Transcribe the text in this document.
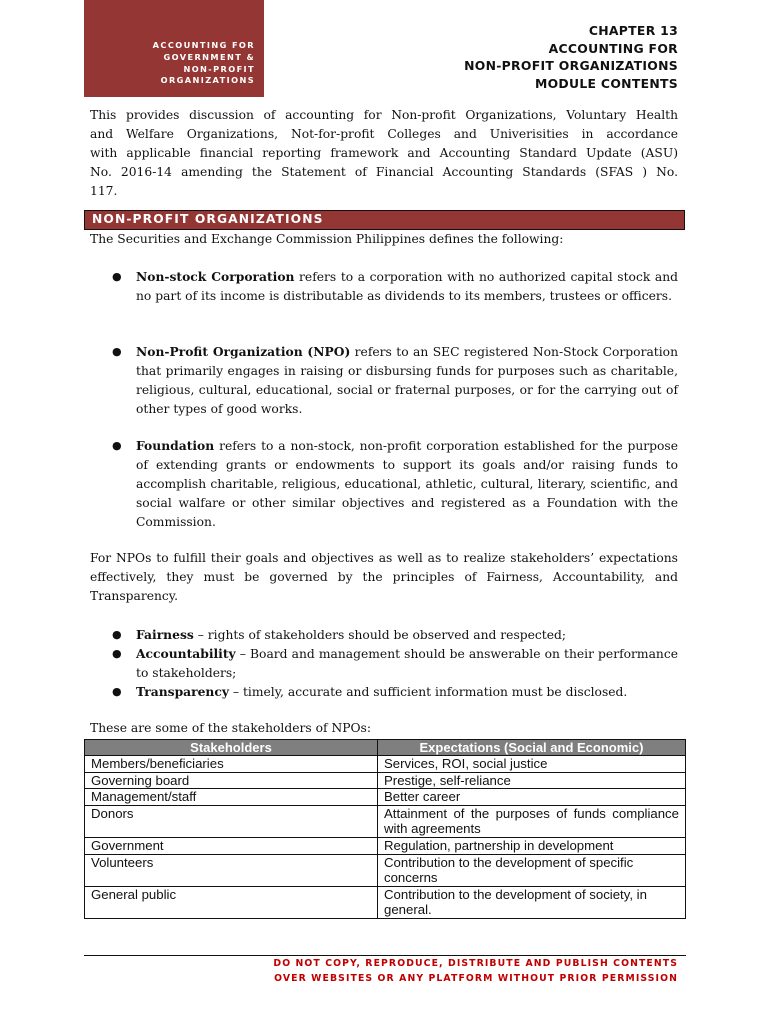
ACCOUNTING FOR
GOVERNMENT &
NON-PROFIT
ORGANIZATIONS
CHAPTER 13
ACCOUNTING FOR
NON-PROFIT ORGANIZATIONS
MODULE CONTENTS
This provides discussion of accounting for Non-profit Organizations, Voluntary Health
and Welfare Organizations, Not-for-profit Colleges and Univerisities in accordance
with applicable financial reporting framework and Accounting Standard Update (ASU)
No. 2016-14 amending the Statement of Financial Accounting Standards (SFAS ) No.
117.
NON-PROFIT ORGANIZATIONS
The Securities and Exchange Commission Philippines defines the following:
● Non-stock Corporation refers to a corporation with no authorized capital stock and no part of its income is distributable as dividends to its members, trustees or officers.
● Non-Profit Organization (NPO) refers to an SEC registered Non-Stock Corporation that primarily engages in raising or disbursing funds for purposes such as charitable, religious, cultural, educational, social or fraternal purposes, or for the carrying out of other types of good works.
● Foundation refers to a non-stock, non-profit corporation established for the purpose of extending grants or endowments to support its goals and/or raising funds to accomplish charitable, religious, educational, athletic, cultural, literary, scientific, and social walfare or other similar objectives and registered as a Foundation with the Commission.
For NPOs to fulfill their goals and objectives as well as to realize stakeholders’ expectations effectively, they must be governed by the principles of Fairness, Accountability, and Transparency.
● Fairness – rights of stakeholders should be observed and respected;
● Accountability – Board and management should be answerable on their performance to stakeholders;
● Transparency – timely, accurate and sufficient information must be disclosed.
These are some of the stakeholders of NPOs:
Stakeholders	Expectations (Social and Economic)
Members/beneficiaries	Services, ROI, social justice
Governing board	Prestige, self-reliance
Management/staff	Better career
Donors	Attainment of the purposes of funds compliance with agreements
Government	Regulation, partnership in development
Volunteers	Contribution to the development of specific concerns
General public	Contribution to the development of society, in general.
DO NOT COPY, REPRODUCE, DISTRIBUTE AND PUBLISH CONTENTS
OVER WEBSITES OR ANY PLATFORM WITHOUT PRIOR PERMISSION
